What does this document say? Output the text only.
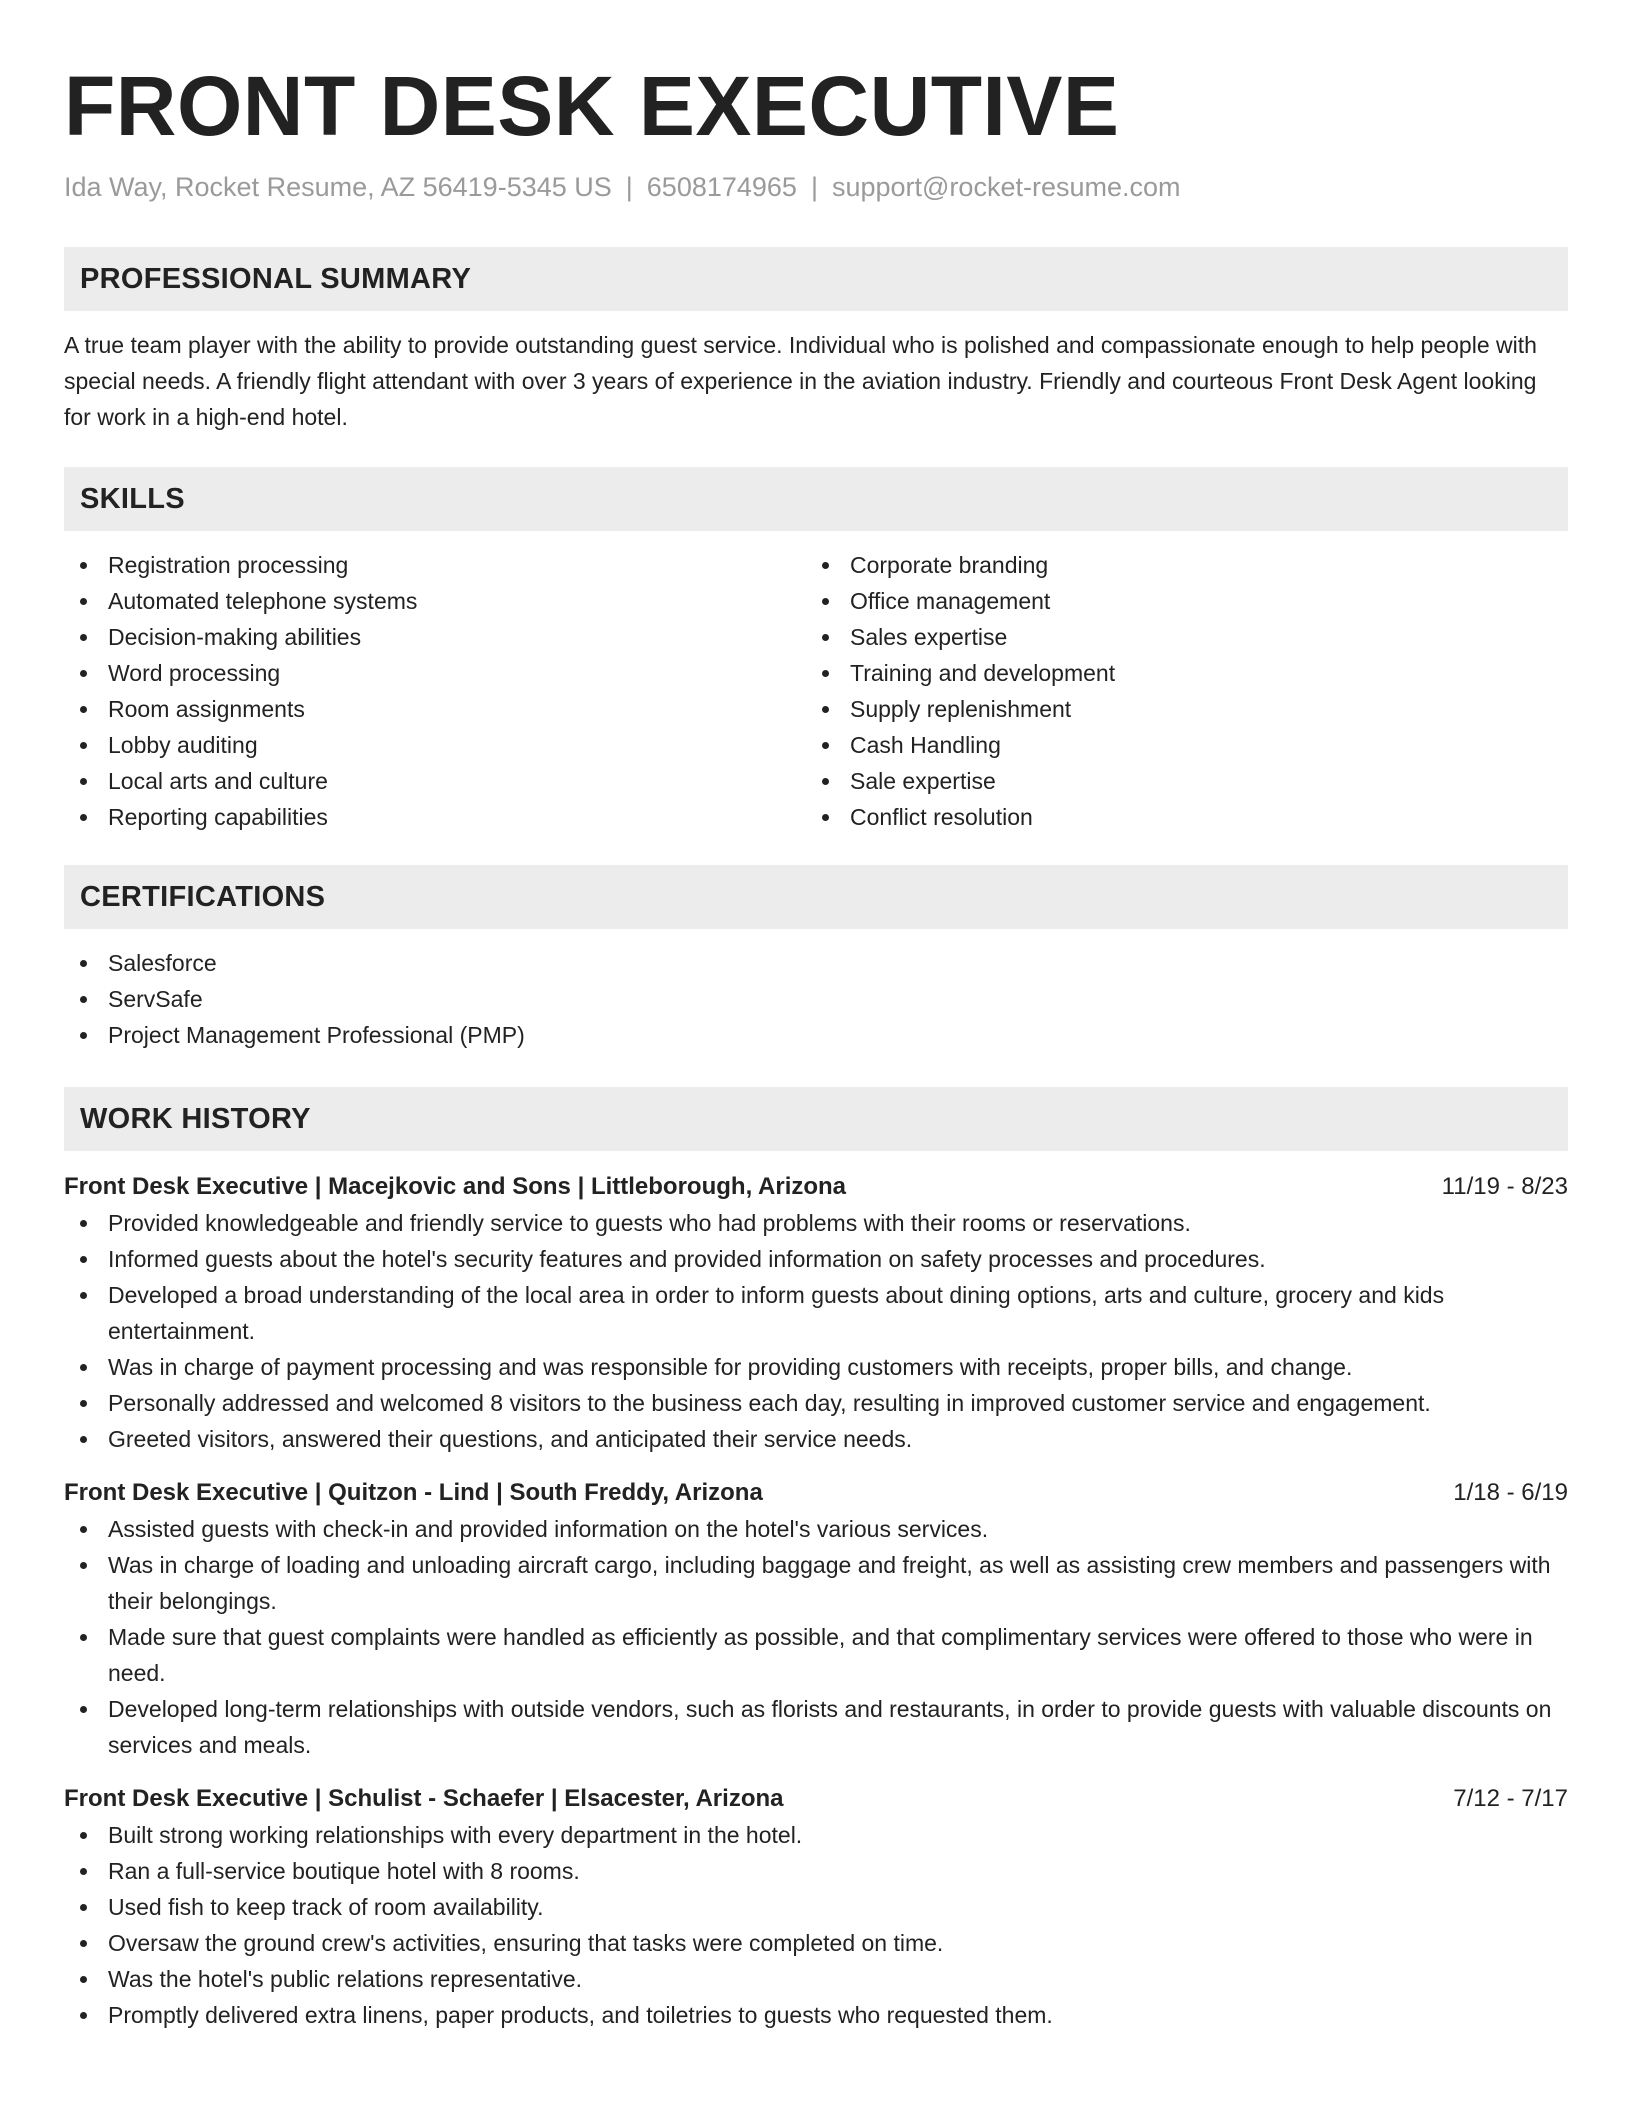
FRONT DESK EXECUTIVE
Ida Way, Rocket Resume, AZ 56419-5345 US | 6508174965 | support@rocket-resume.com
PROFESSIONAL SUMMARY

A true team player with the ability to provide outstanding guest service. Individual who is polished and compassionate enough to help people with special needs. A friendly flight attendant with over 3 years of experience in the aviation industry. Friendly and courteous Front Desk Agent looking for work in a high-end hotel.

SKILLS
Registration processing
Automated telephone systems
Decision-making abilities
Word processing
Room assignments
Lobby auditing
Local arts and culture
Reporting capabilities
Corporate branding
Office management
Sales expertise
Training and development
Supply replenishment
Cash Handling
Sale expertise
Conflict resolution
CERTIFICATIONS
Salesforce
ServSafe
Project Management Professional (PMP)
WORK HISTORY
Front Desk Executive | Macejkovic and Sons | Littleborough, Arizona	11/19 - 8/23
Provided knowledgeable and friendly service to guests who had problems with their rooms or reservations.
Informed guests about the hotel's security features and provided information on safety processes and procedures.
Developed a broad understanding of the local area in order to inform guests about dining options, arts and culture, grocery and kids entertainment.
Was in charge of payment processing and was responsible for providing customers with receipts, proper bills, and change.
Personally addressed and welcomed 8 visitors to the business each day, resulting in improved customer service and engagement.
Greeted visitors, answered their questions, and anticipated their service needs.
Front Desk Executive | Quitzon - Lind | South Freddy, Arizona	1/18 - 6/19
Assisted guests with check-in and provided information on the hotel's various services.
Was in charge of loading and unloading aircraft cargo, including baggage and freight, as well as assisting crew members and passengers with their belongings.
Made sure that guest complaints were handled as efficiently as possible, and that complimentary services were offered to those who were in need.
Developed long-term relationships with outside vendors, such as florists and restaurants, in order to provide guests with valuable discounts on services and meals.
Front Desk Executive | Schulist - Schaefer | Elsacester, Arizona	7/12 - 7/17
Built strong working relationships with every department in the hotel.
Ran a full-service boutique hotel with 8 rooms.
Used fish to keep track of room availability.
Oversaw the ground crew's activities, ensuring that tasks were completed on time.
Was the hotel's public relations representative.
Promptly delivered extra linens, paper products, and toiletries to guests who requested them.
